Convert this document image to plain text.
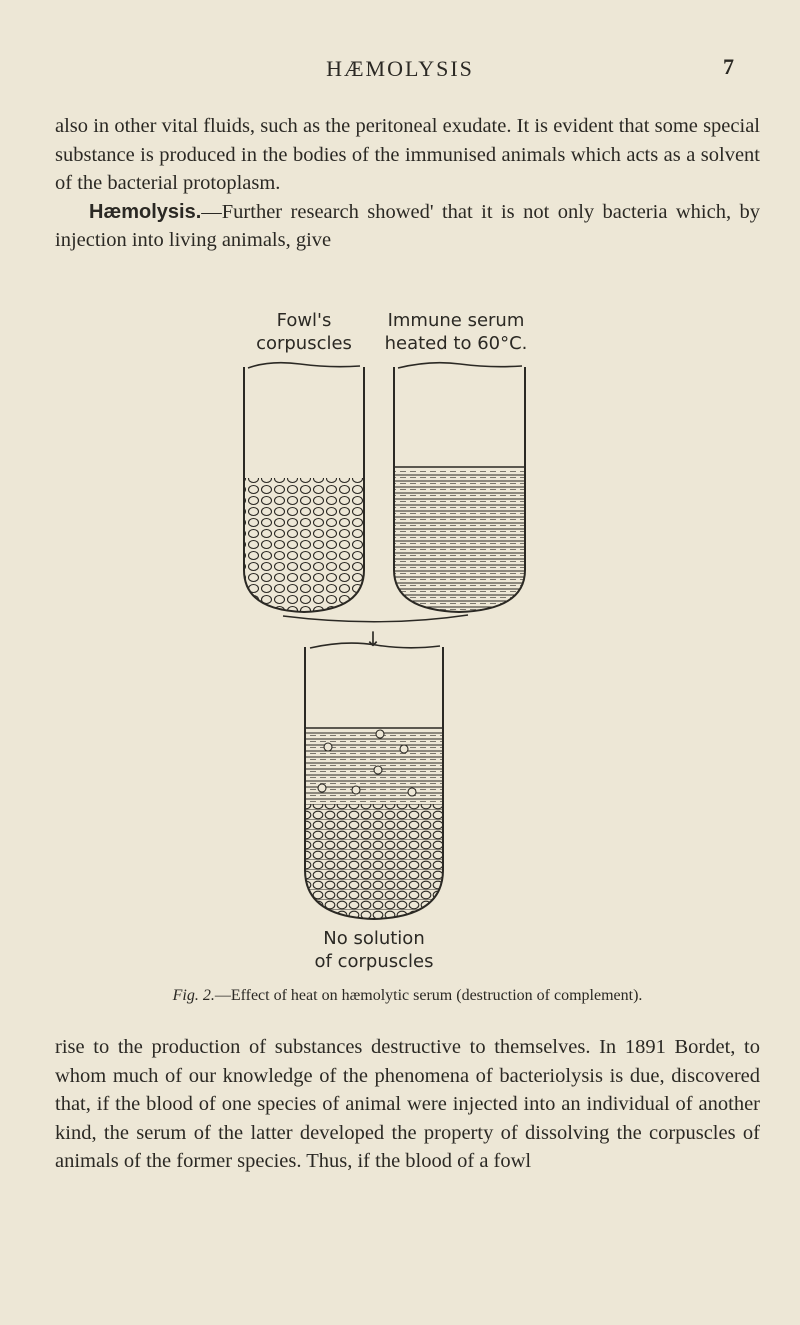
HÆMOLYSIS	7

also in other vital fluids, such as the peritoneal exudate. It is evident that some special substance is produced in the bodies of the immunised animals which acts as a solvent of the bacterial protoplasm.

Hæmolysis.—Further research showed' that it is not only bacteria which, by injection into living animals, give

Fowl's
corpuscles
Immune serum
heated to 60°C.
↓
No solution
of corpuscles
Fig. 2.—Effect of heat on hæmolytic serum (destruction of complement).

rise to the production of substances destructive to themselves. In 1891 Bordet, to whom much of our knowledge of the phenomena of bacteriolysis is due, discovered that, if the blood of one species of animal were injected into an individual of another kind, the serum of the latter developed the property of dissolving the corpuscles of animals of the former species. Thus, if the blood of a fowl
